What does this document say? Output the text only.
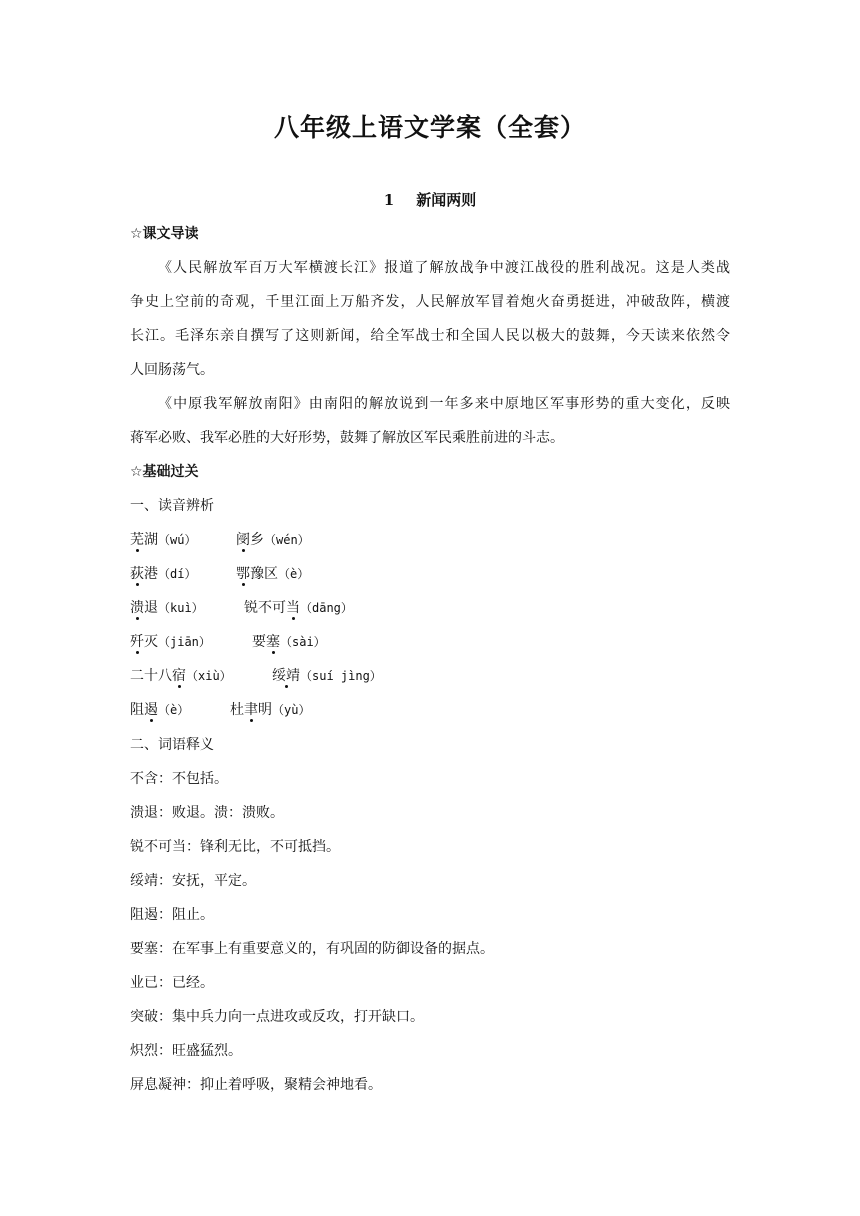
八年级上语文学案（全套）
1 新闻两则
☆课文导读
《人民解放军百万大军横渡长江》报道了解放战争中渡江战役的胜利战况。这是人类战
争史上空前的奇观，千里江面上万船齐发，人民解放军冒着炮火奋勇挺进，冲破敌阵，横渡
长江。毛泽东亲自撰写了这则新闻，给全军战士和全国人民以极大的鼓舞，今天读来依然令
人回肠荡气。
《中原我军解放南阳》由南阳的解放说到一年多来中原地区军事形势的重大变化，反映
蒋军必败、我军必胜的大好形势，鼓舞了解放区军民乘胜前进的斗志。
☆基础过关
一、读音辨析
芜湖（wú）	阌乡（wén）
荻港（dí）	鄂豫区（è）
溃退（kuì）	锐不可当（dāng）
歼灭（jiān）	要塞（sài）
二十八宿（xiù）	绥靖（suí jìng）
阻遏（è）	杜聿明（yù）
二、词语释义
不含：不包括。
溃退：败退。溃：溃败。
锐不可当：锋利无比，不可抵挡。
绥靖：安抚，平定。
阻遏：阻止。
要塞：在军事上有重要意义的，有巩固的防御设备的据点。
业已：已经。
突破：集中兵力向一点进攻或反攻，打开缺口。
炽烈：旺盛猛烈。
屏息凝神：抑止着呼吸，聚精会神地看。
